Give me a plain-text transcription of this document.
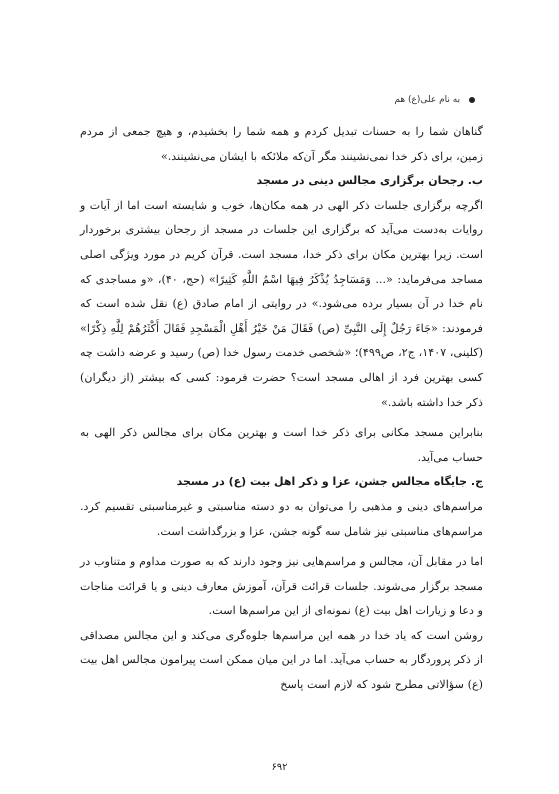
به نام علی(ع) هم

گناهان شما را به حسنات تبدیل کردم و همه شما را بخشیدم، و هیچ جمعی از مردم زمین، برای ذکر خدا نمی‌نشینند مگر آن‌که ملائکه با ایشان می‌نشینند.»

ب. رجحان برگزاری مجالس دینی در مسجد

اگرچه برگزاری جلسات ذکر الهی در همه مکان‌ها، خوب و شایسته است اما از آیات و روایات به‌دست می‌آید که برگزاری این جلسات در مسجد از رجحان بیشتری برخوردار است. زیرا بهترین مکان برای ذکر خدا، مسجد است. قرآن کریم در مورد ویژگی اصلی مساجد می‌فرماید: «... وَمَسَاجِدُ یُذْکَرُ فِیهَا اسْمُ اللَّهِ کَثِیرًا» (حج، ۴۰)، «و مساجدی که نام خدا در آن بسیار برده می‌شود.» در روایتی از امام صادق (ع) نقل شده است که فرمودند: «جَاءَ رَجُلٌ إِلَى النَّبِیِّ (ص) فَقَالَ مَنْ خَیْرُ أَهْلِ الْمَسْجِدِ فَقَالَ أَکْثَرُهُمْ لِلَّهِ ذِکْرًا» (کلینی، ۱۴۰۷، ج۲، ص۴۹۹)؛ «شخصی خدمت رسول خدا (ص) رسید و عرضه داشت چه کسی بهترین فرد از اهالی مسجد است؟ حضرت فرمود: کسی که بیشتر (از دیگران) ذکر خدا داشته باشد.»

بنابراین مسجد مکانی برای ذکر خدا است و بهترین مکان برای مجالس ذکر الهی به حساب می‌آید.

ج. جایگاه مجالس جشن، عزا و ذکر اهل بیت (ع) در مسجد

مراسم‌های دینی و مذهبی را می‌توان به دو دسته مناسبتی و غیرمناسبتی تقسیم کرد. مراسم‌های مناسبتی نیز شامل سه گونه جشن، عزا و بزرگداشت است.

اما در مقابل آن، مجالس و مراسم‌هایی نیز وجود دارند که به صورت مداوم و متناوب در مسجد برگزار می‌شوند. جلسات قرائت قرآن، آموزش معارف دینی و یا قرائت مناجات و دعا و زیارات اهل بیت (ع) نمونه‌ای از این مراسم‌ها است.

روشن است که یاد خدا در همه این مراسم‌ها جلوه‌گری می‌کند و این مجالس مصداقی از ذکر پروردگار به حساب می‌آید. اما در این میان ممکن است پیرامون مجالس اهل بیت (ع) سؤالاتی مطرح شود که لازم است پاسخ

۶۹۲
